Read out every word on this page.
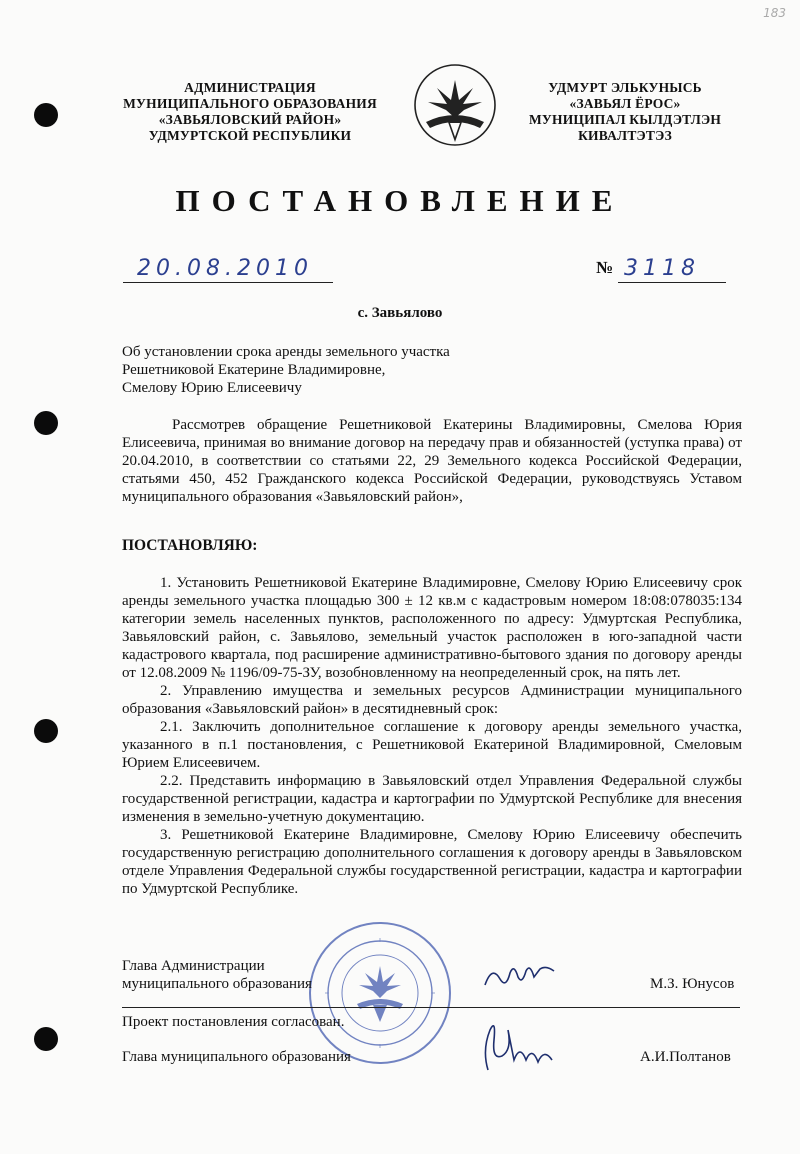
183
АДМИНИСТРАЦИЯ
МУНИЦИПАЛЬНОГО ОБРАЗОВАНИЯ
«ЗАВЬЯЛОВСКИЙ РАЙОН»
УДМУРТСКОЙ РЕСПУБЛИКИ
УДМУРТ ЭЛЬКУНЫСЬ
«ЗАВЬЯЛ ЁРОС»
МУНИЦИПАЛ КЫЛДЭТЛЭН
КИВАЛТЭТЭЗ
ПОСТАНОВЛЕНИЕ
20.08.2010	№ 3118
с. Завьялово
Об установлении срока аренды земельного участка
Решетниковой Екатерине Владимировне,
Смелову Юрию Елисеевичу

Рассмотрев обращение Решетниковой Екатерины Владимировны, Смелова Юрия Елисеевича, принимая во внимание договор на передачу прав и обязанностей (уступка права) от 20.04.2010, в соответствии со статьями 22, 29 Земельного кодекса Российской Федерации, статьями 450, 452 Гражданского кодекса Российской Федерации, руководствуясь Уставом муниципального образования «Завьяловский район»,

ПОСТАНОВЛЯЮ:

1. Установить Решетниковой Екатерине Владимировне, Смелову Юрию Елисеевичу срок аренды земельного участка площадью 300 ± 12 кв.м с кадастровым номером 18:08:078035:134 категории земель населенных пунктов, расположенного по адресу: Удмуртская Республика, Завьяловский район, с. Завьялово, земельный участок расположен в юго-западной части кадастрового квартала, под расширение административно-бытового здания по договору аренды от 12.08.2009 № 1196/09-75-ЗУ, возобновленному на неопределенный срок, на пять лет.

2. Управлению имущества и земельных ресурсов Администрации муниципального образования «Завьяловский район» в десятидневный срок:

2.1. Заключить дополнительное соглашение к договору аренды земельного участка, указанного в п.1 постановления, с Решетниковой Екатериной Владимировной, Смеловым Юрием Елисеевичем.

2.2. Представить информацию в Завьяловский отдел Управления Федеральной службы государственной регистрации, кадастра и картографии по Удмуртской Республике для внесения изменения в земельно-учетную документацию.

3. Решетниковой Екатерине Владимировне, Смелову Юрию Елисеевичу обеспечить государственную регистрацию дополнительного соглашения к договору аренды в Завьяловском отделе Управления Федеральной службы государственной регистрации, кадастра и картографии по Удмуртской Республике.

Глава Администрации
муниципального образования	М.З. Юнусов
Проект постановления согласован.
Глава муниципального образования	А.И.Полтанов
